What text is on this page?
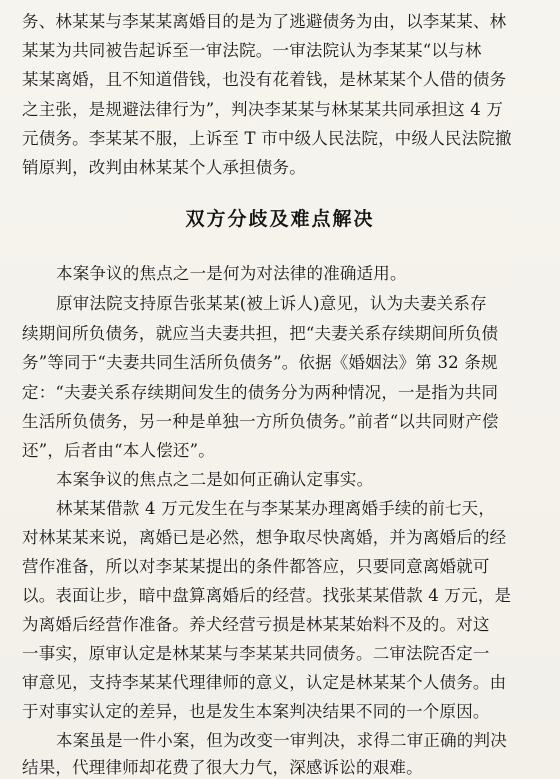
务、林某某与李某某离婚目的是为了逃避债务为由，以李某某、林
某某为共同被告起诉至一审法院。一审法院认为李某某“以与林
某某离婚，且不知道借钱，也没有花着钱，是林某某个人借的债务
之主张，是规避法律行为”，判决李某某与林某某共同承担这 4 万
元债务。李某某不服，上诉至 T 市中级人民法院，中级人民法院撤
销原判，改判由林某某个人承担债务。
双方分歧及难点解决
本案争议的焦点之一是何为对法律的准确适用。
原审法院支持原告张某某(被上诉人)意见，认为夫妻关系存
续期间所负债务，就应当夫妻共担，把“夫妻关系存续期间所负债
务”等同于“夫妻共同生活所负债务”。依据《婚姻法》第 32 条规
定：“夫妻关系存续期间发生的债务分为两种情况，一是指为共同
生活所负债务，另一种是单独一方所负债务。”前者“以共同财产偿
还”，后者由“本人偿还”。
本案争议的焦点之二是如何正确认定事实。
林某某借款 4 万元发生在与李某某办理离婚手续的前七天，
对林某某来说，离婚已是必然，想争取尽快离婚，并为离婚后的经
营作准备，所以对李某某提出的条件都答应，只要同意离婚就可
以。表面让步，暗中盘算离婚后的经营。找张某某借款 4 万元，是
为离婚后经营作准备。养犬经营亏损是林某某始料不及的。对这
一事实，原审认定是林某某与李某某共同债务。二审法院否定一
审意见，支持李某某代理律师的意义，认定是林某某个人债务。由
于对事实认定的差异，也是发生本案判决结果不同的一个原因。
本案虽是一件小案，但为改变一审判决，求得二审正确的判决
结果，代理律师却花费了很大力气，深感诉讼的艰难。
